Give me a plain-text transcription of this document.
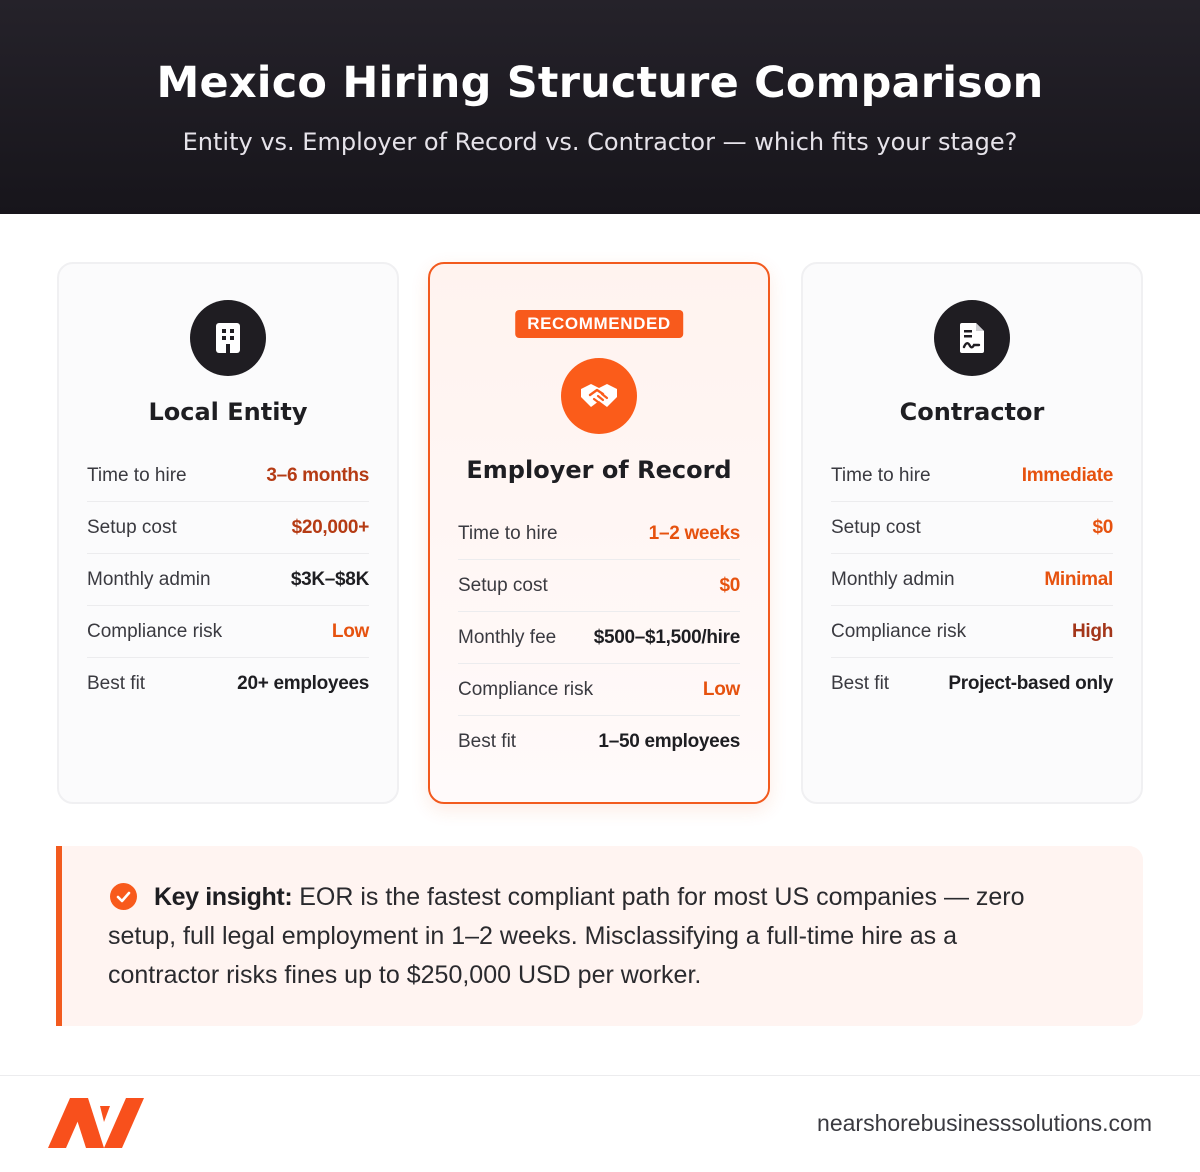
Mexico Hiring Structure Comparison

Entity vs. Employer of Record vs. Contractor — which fits your stage?

Local Entity
Time to hire	3–6 months
Setup cost	$20,000+
Monthly admin	$3K–$8K
Compliance risk	Low
Best fit	20+ employees
RECOMMENDED
Employer of Record
Time to hire	1–2 weeks
Setup cost	$0
Monthly fee $500–$1,500/hire
Compliance risk	Low
Best fit	1–50 employees
Contractor
Time to hire	Immediate
Setup cost	$0
Monthly admin	Minimal
Compliance risk	High
Best fit	Project-based only
Key insight: EOR is the fastest compliant path for most US companies — zero setup, full legal employment in 1–2 weeks. Misclassifying a full-time hire as a contractor risks fines up to $250,000 USD per worker.
nearshorebusinesssolutions.com
